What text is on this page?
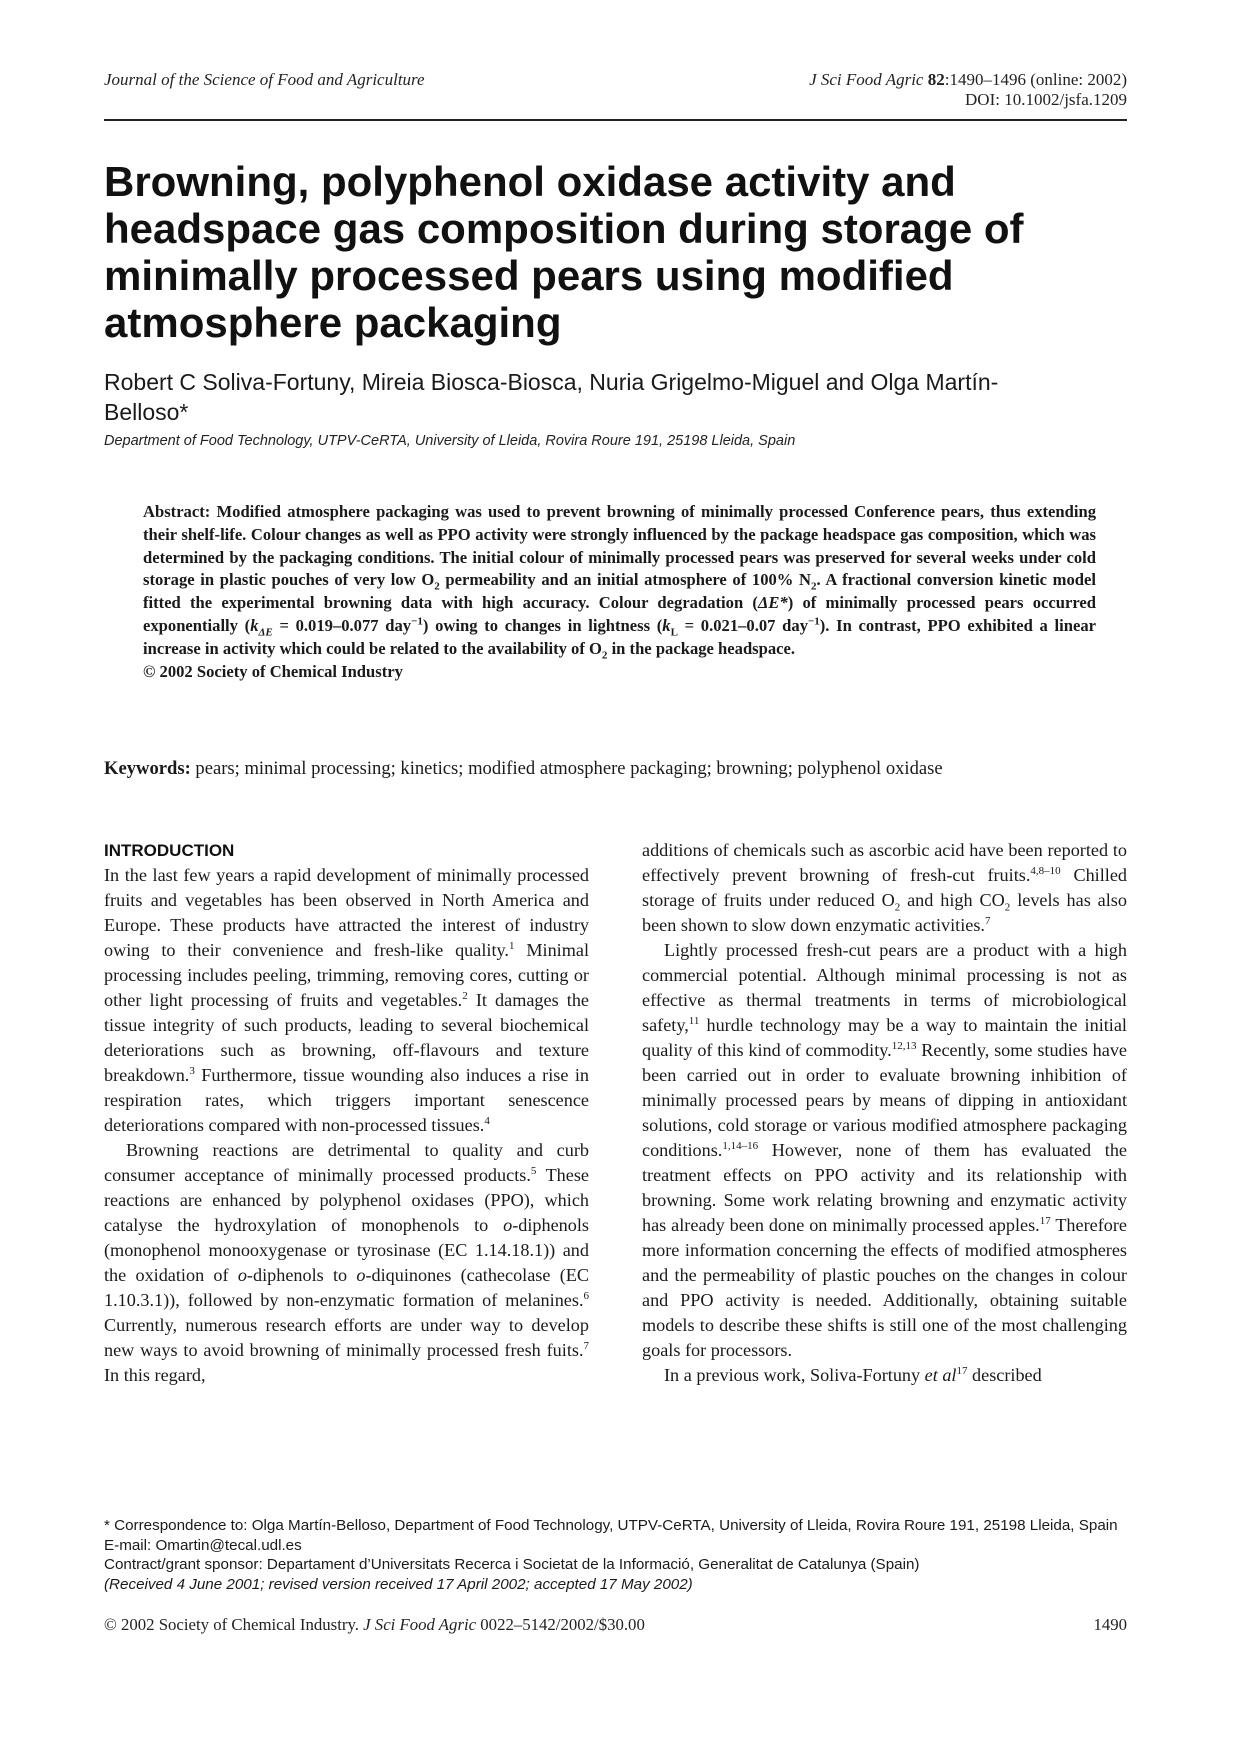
Journal of the Science of Food and Agriculture	J Sci Food Agric 82:1490–1496 (online: 2002)
DOI: 10.1002/jsfa.1209
Browning, polyphenol oxidase activity and headspace gas composition during storage of minimally processed pears using modified atmosphere packaging
Robert C Soliva-Fortuny, Mireia Biosca-Biosca, Nuria Grigelmo-Miguel and Olga Martín-Belloso*
Department of Food Technology, UTPV-CeRTA, University of Lleida, Rovira Roure 191, 25198 Lleida, Spain
Abstract: Modified atmosphere packaging was used to prevent browning of minimally processed Conference pears, thus extending their shelf-life. Colour changes as well as PPO activity were strongly influenced by the package headspace gas composition, which was determined by the packaging conditions. The initial colour of minimally processed pears was preserved for several weeks under cold storage in plastic pouches of very low $O_2$ permeability and an initial atmosphere of 100% $N_2$. A fractional conversion kinetic model fitted the experimental browning data with high accuracy. Colour degradation (ΔE*) of minimally processed pears occurred exponentially ($k_{\Delta E} = 0.019-0.077$ day$^{-1}$) owing to changes in lightness ($k_L = 0.021-0.07$ day$^{-1}$). In contrast, PPO exhibited a linear increase in activity which could be related to the availability of $O_2$ in the package headspace.
© 2002 Society of Chemical Industry
Keywords: pears; minimal processing; kinetics; modified atmosphere packaging; browning; polyphenol oxidase
INTRODUCTION

In the last few years a rapid development of minimally processed fruits and vegetables has been observed in North America and Europe. These products have attracted the interest of industry owing to their convenience and fresh-like quality.$^1$ Minimal processing includes peeling, trimming, removing cores, cutting or other light processing of fruits and vegetables.$^2$ It damages the tissue integrity of such products, leading to several biochemical deteriorations such as browning, off-flavours and texture breakdown.$^3$ Furthermore, tissue wounding also induces a rise in respiration rates, which triggers important senescence deteriorations compared with non-processed tissues.$^4$

Browning reactions are detrimental to quality and curb consumer acceptance of minimally processed products.$^5$ These reactions are enhanced by polyphenol oxidases (PPO), which catalyse the hydroxylation of monophenols to o-diphenols (monophenol monooxygenase or tyrosinase (EC 1.14.18.1)) and the oxidation of o-diphenols to o-diquinones (cathecolase (EC 1.10.3.1)), followed by non-enzymatic formation of melanines.$^6$ Currently, numerous research efforts are under way to develop new ways to avoid browning of minimally processed fresh fuits.$^7$ In this regard,

additions of chemicals such as ascorbic acid have been reported to effectively prevent browning of fresh-cut fruits.$^{4,8-10}$ Chilled storage of fruits under reduced $O_2$ and high $CO_2$ levels has also been shown to slow down enzymatic activities.$^7$

Lightly processed fresh-cut pears are a product with a high commercial potential. Although minimal processing is not as effective as thermal treatments in terms of microbiological safety,$^{11}$ hurdle technology may be a way to maintain the initial quality of this kind of commodity.$^{12,13}$ Recently, some studies have been carried out in order to evaluate browning inhibition of minimally processed pears by means of dipping in antioxidant solutions, cold storage or various modified atmosphere packaging conditions.$^{1,14-16}$ However, none of them has evaluated the treatment effects on PPO activity and its relationship with browning. Some work relating browning and enzymatic activity has already been done on minimally processed apples.$^{17}$ Therefore more information concerning the effects of modified atmospheres and the permeability of plastic pouches on the changes in colour and PPO activity is needed. Additionally, obtaining suitable models to describe these shifts is still one of the most challenging goals for processors.

In a previous work, Soliva-Fortuny et $al^{17}$ described

* Correspondence to: Olga Martín-Belloso, Department of Food Technology, UTPV-CeRTA, University of Lleida, Rovira Roure 191, 25198 Lleida, Spain
E-mail: Omartin@tecal.udl.es
Contract/grant sponsor: Departament d’Universitats Recerca i Societat de la Informació, Generalitat de Catalunya (Spain)
(Received 4 June 2001; revised version received 17 April 2002; accepted 17 May 2002)
© 2002 Society of Chemical Industry. J Sci Food Agric 0022–5142/2002/$30.00	1490
